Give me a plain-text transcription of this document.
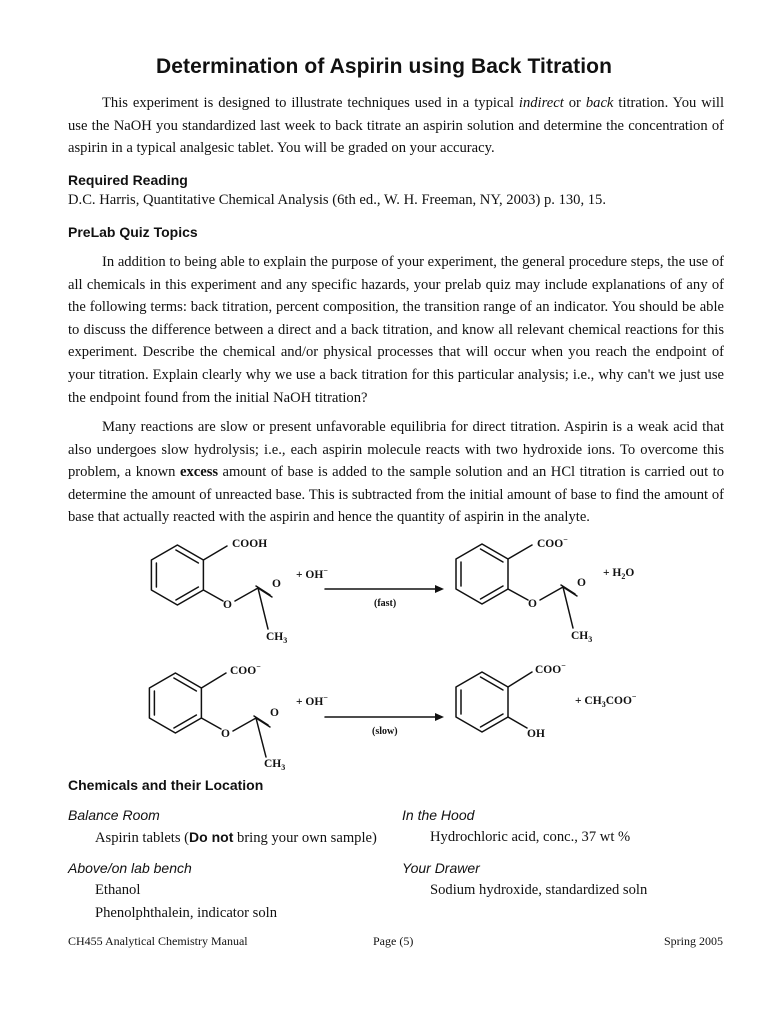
Determination of Aspirin using Back Titration

This experiment is designed to illustrate techniques used in a typical indirect or back titration. You will use the NaOH you standardized last week to back titrate an aspirin solution and determine the concentration of aspirin in a typical analgesic tablet. You will be graded on your accuracy.

Required Reading
D.C. Harris, Quantitative Chemical Analysis (6th ed., W. H. Freeman, NY, 2003) p. 130, 15.
PreLab Quiz Topics

In addition to being able to explain the purpose of your experiment, the general procedure steps, the use of all chemicals in this experiment and any specific hazards, your prelab quiz may include explanations of any of the following terms: back titration, percent composition, the transition range of an indicator. You should be able to discuss the difference between a direct and a back titration, and know all relevant chemical reactions for this experiment. Describe the chemical and/or physical processes that will occur when you reach the endpoint of your titration. Explain clearly why we use a back titration for this particular analysis; i.e., why can't we just use the endpoint found from the initial NaOH titration?

Many reactions are slow or present unfavorable equilibria for direct titration. Aspirin is a weak acid that also undergoes slow hydrolysis; i.e., each aspirin molecule reacts with two hydroxide ions. To overcome this problem, a known excess amount of base is added to the sample solution and an HCl titration is carried out to determine the amount of unreacted base. This is subtracted from the initial amount of base to find the amount of base that actually reacted with the aspirin and hence the quantity of aspirin in the analyte.

COOH
O
O
$CH_3$
+ OH−
(fast)
COO−
O
O
$CH_3$
+ $H_2O$
COO−
O
O
$CH_3$
+ OH−
(slow)
COO−
OH
+ $CH_3COO^-$
Chemicals and their Location
Balance Room
Aspirin tablets (Do not bring your own sample)
In the Hood
Hydrochloric acid, conc., 37 wt %
Above/on lab bench
Ethanol
Phenolphthalein, indicator soln
Your Drawer
Sodium hydroxide, standardized soln
CH455 Analytical Chemistry Manual	Page (5)	Spring 2005
